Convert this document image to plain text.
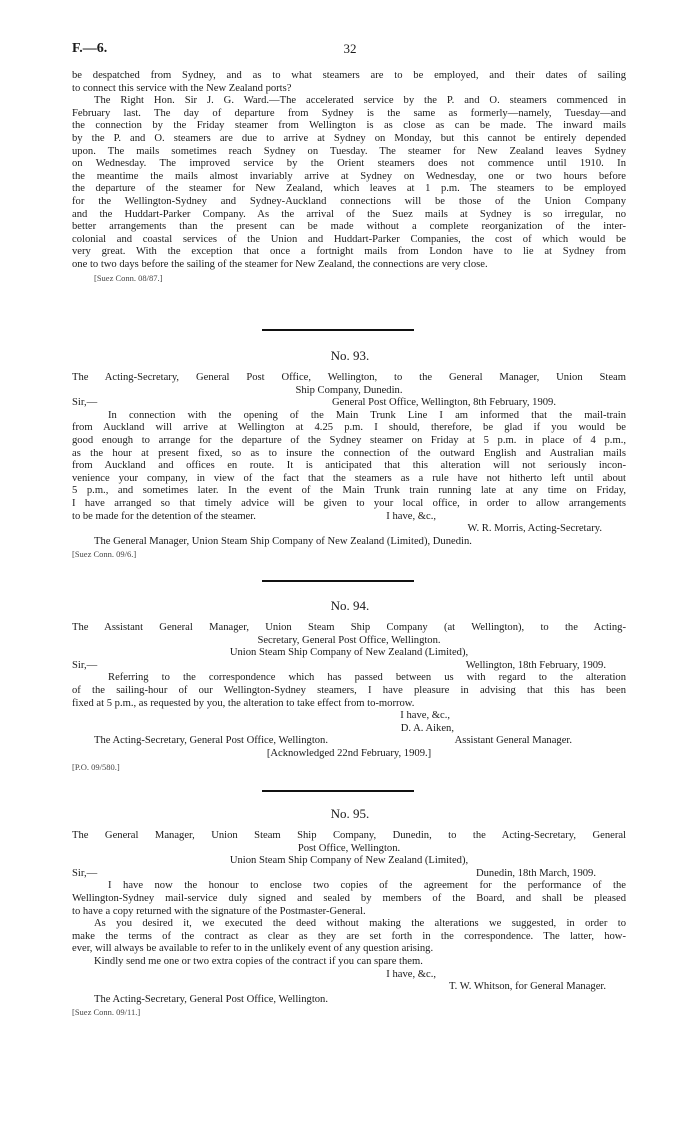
F.—6.	32
be despatched from Sydney, and as to what steamers are to be employed, and their dates of sailing
to connect this service with the New Zealand ports?
The Right Hon. Sir J. G. Ward.—The accelerated service by the P. and O. steamers commenced in
February last. The day of departure from Sydney is the same as formerly—namely, Tuesday—and
the connection by the Friday steamer from Wellington is as close as can be made. The inward mails
by the P. and O. steamers are due to arrive at Sydney on Monday, but this cannot be entirely depended
upon. The mails sometimes reach Sydney on Tuesday. The steamer for New Zealand leaves Sydney
on Wednesday. The improved service by the Orient steamers does not commence until 1910. In
the meantime the mails almost invariably arrive at Sydney on Wednesday, one or two hours before
the departure of the steamer for New Zealand, which leaves at 1 p.m. The steamers to be employed
for the Wellington-Sydney and Sydney-Auckland connections will be those of the Union Company
and the Huddart-Parker Company. As the arrival of the Suez mails at Sydney is so irregular, no
better arrangements than the present can be made without a complete reorganization of the inter-
colonial and coastal services of the Union and Huddart-Parker Companies, the cost of which would be
very great. With the exception that once a fortnight mails from London have to lie at Sydney from
one to two days before the sailing of the steamer for New Zealand, the connections are very close.
[Suez Conn. 08/87.]
No. 93.
The Acting-Secretary, General Post Office, Wellington, to the General Manager, Union Steam
Ship Company, Dunedin.
Sir,—	General Post Office, Wellington, 8th February, 1909.
In connection with the opening of the Main Trunk Line I am informed that the mail-train
from Auckland will arrive at Wellington at 4.25 p.m. I should, therefore, be glad if you would be
good enough to arrange for the departure of the Sydney steamer on Friday at 5 p.m. in place of 4 p.m.,
as the hour at present fixed, so as to insure the connection of the outward English and Australian mails
from Auckland and offices en route. It is anticipated that this alteration will not seriously incon-
venience your company, in view of the fact that the steamers as a rule have not hitherto left until about
5 p.m., and sometimes later. In the event of the Main Trunk train running late at any time on Friday,
I have arranged so that timely advice will be given to your local office, in order to allow arrangements
to be made for the detention of the steamer.	I have, &c.,
W. R. Morris, Acting-Secretary.
The General Manager, Union Steam Ship Company of New Zealand (Limited), Dunedin.
[Suez Conn. 09/6.]
No. 94.
The Assistant General Manager, Union Steam Ship Company (at Wellington), to the Acting-
Secretary, General Post Office, Wellington.
Union Steam Ship Company of New Zealand (Limited),
Sir,—	Wellington, 18th February, 1909.
Referring to the correspondence which has passed between us with regard to the alteration
of the sailing-hour of our Wellington-Sydney steamers, I have pleasure in advising that this has been
fixed at 5 p.m., as requested by you, the alteration to take effect from to-morrow.
I have, &c.,
D. A. Aiken,
The Acting-Secretary, General Post Office, Wellington.	Assistant General Manager.
[Acknowledged 22nd February, 1909.]
[P.O. 09/580.]
No. 95.
The General Manager, Union Steam Ship Company, Dunedin, to the Acting-Secretary, General
Post Office, Wellington.
Union Steam Ship Company of New Zealand (Limited),
Sir,—	Dunedin, 18th March, 1909.
I have now the honour to enclose two copies of the agreement for the performance of the
Wellington-Sydney mail-service duly signed and sealed by members of the Board, and shall be pleased
to have a copy returned with the signature of the Postmaster-General.
As you desired it, we executed the deed without making the alterations we suggested, in order to
make the terms of the contract as clear as they are set forth in the correspondence. The latter, how-
ever, will always be available to refer to in the unlikely event of any question arising.
Kindly send me one or two extra copies of the contract if you can spare them.
I have, &c.,
T. W. Whitson, for General Manager.
The Acting-Secretary, General Post Office, Wellington.
[Suez Conn. 09/11.]
